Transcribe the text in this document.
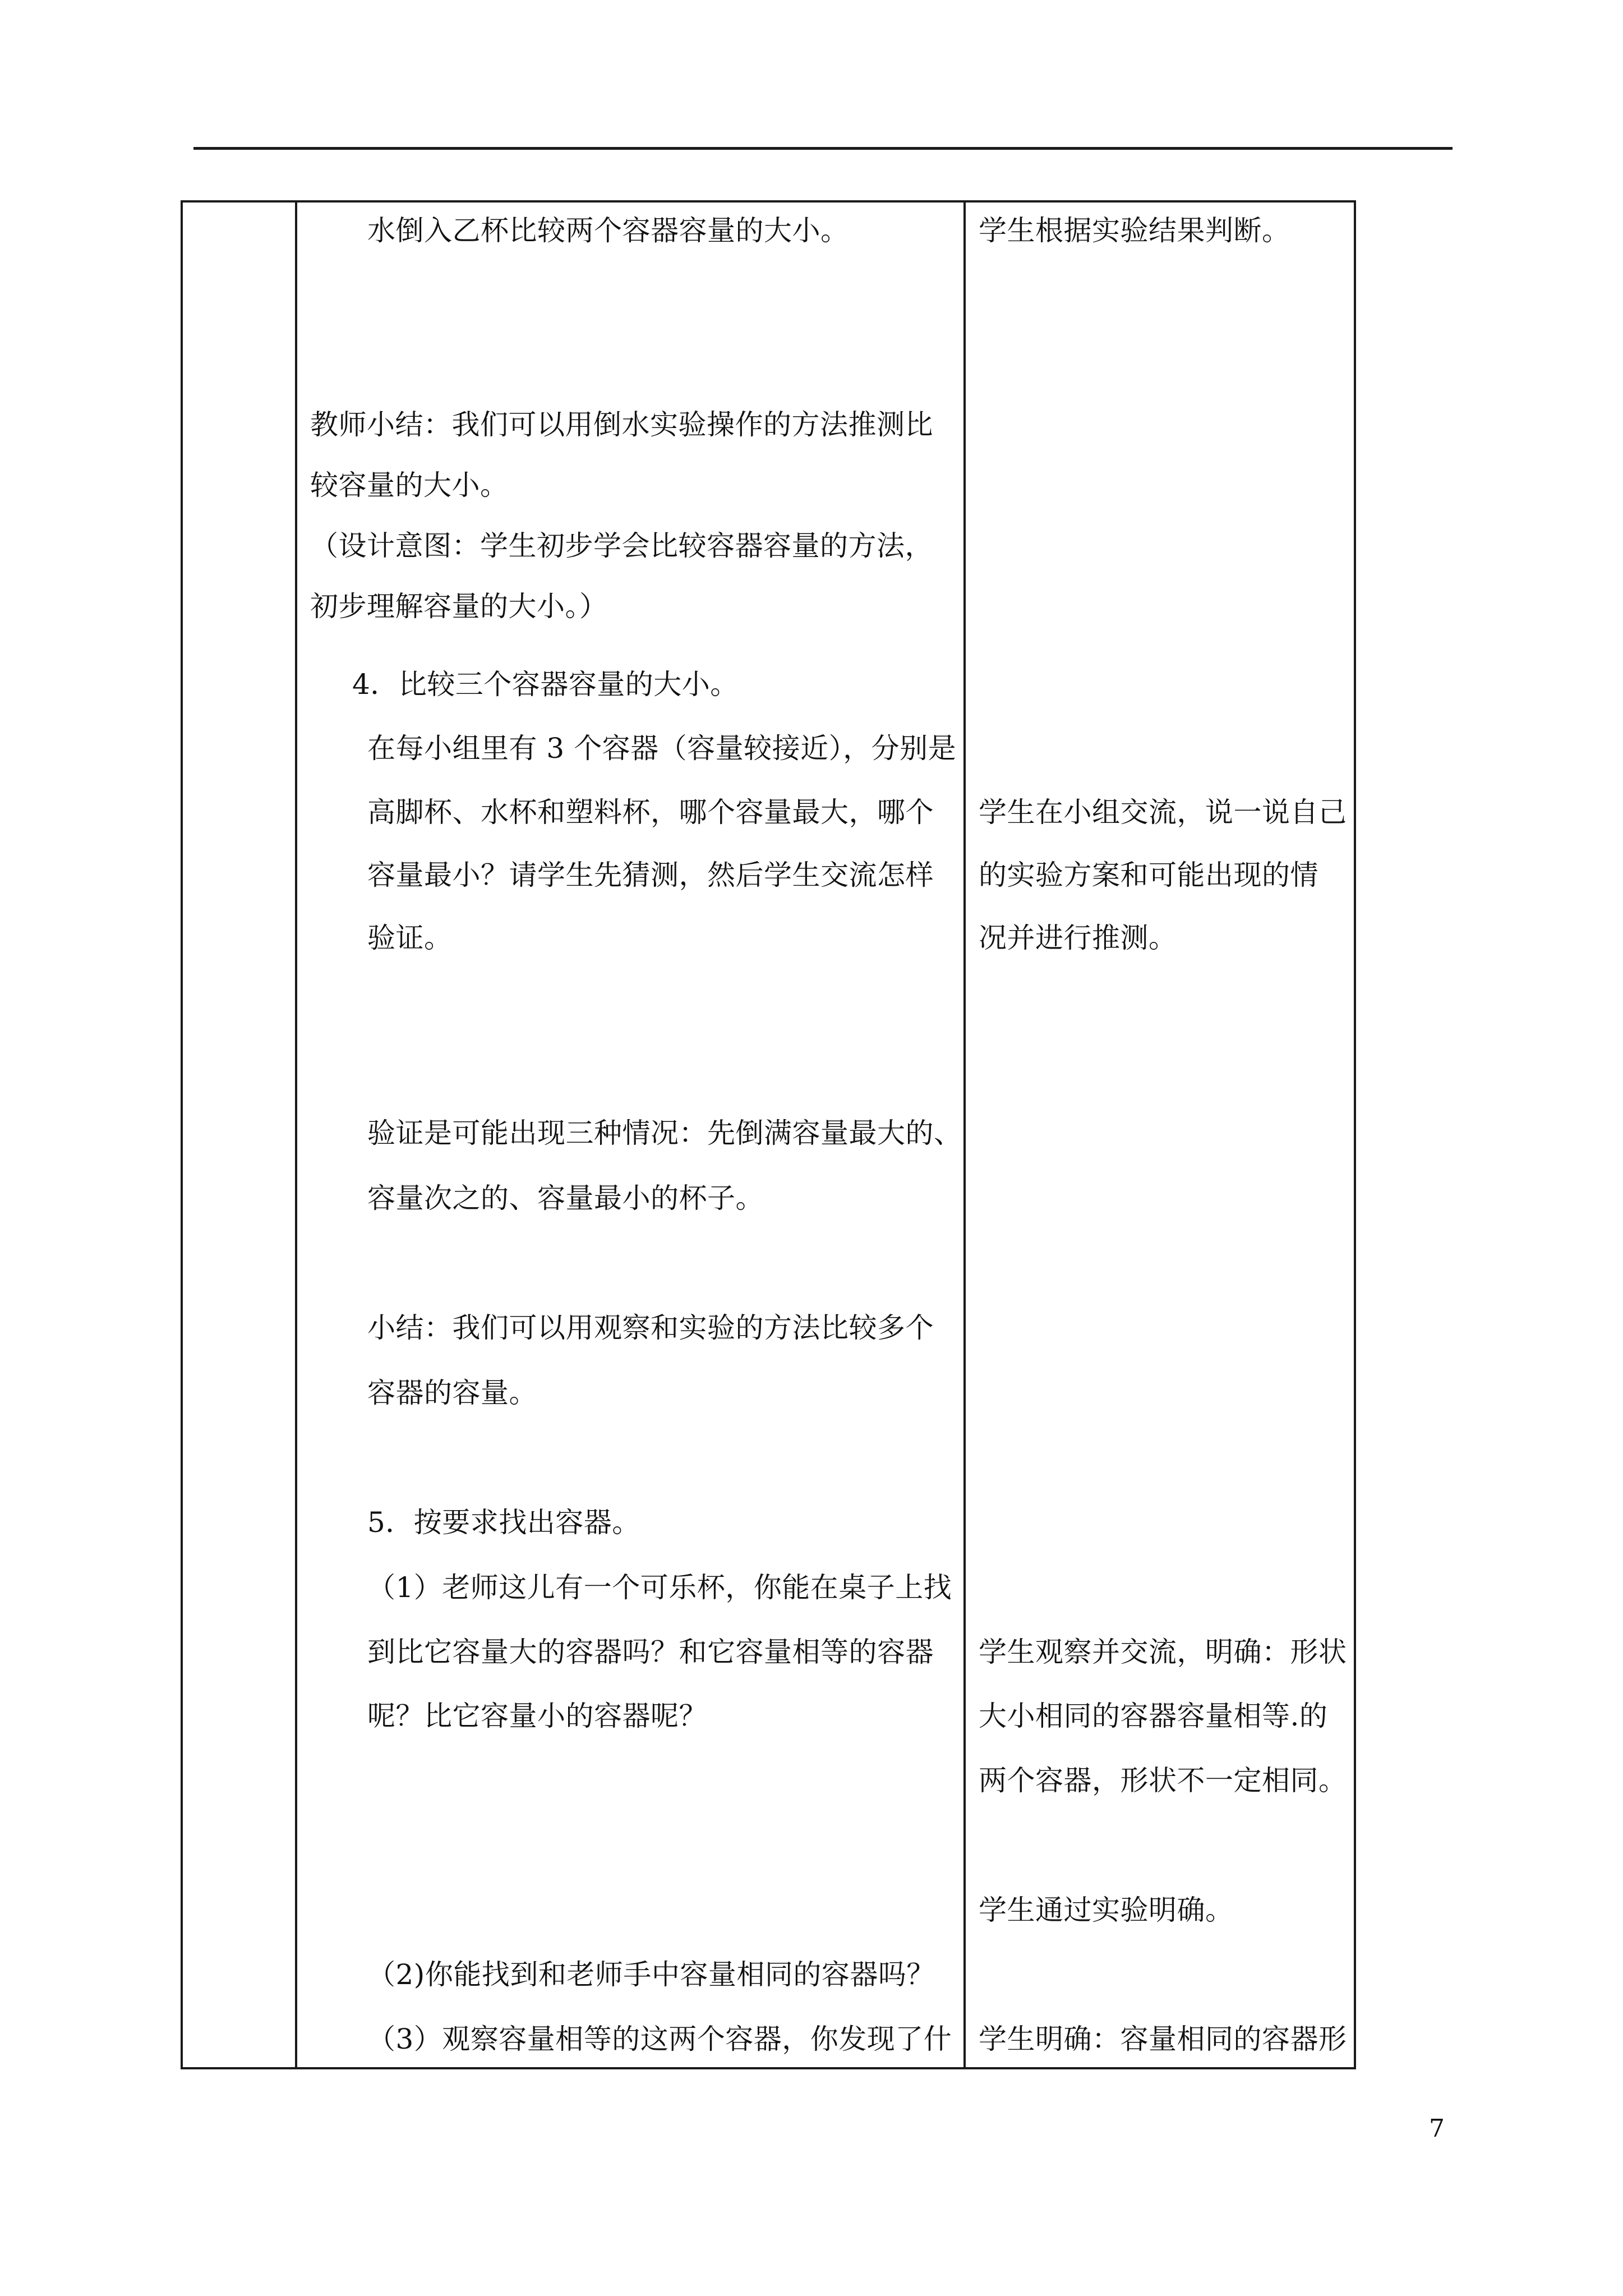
水倒入乙杯比较两个容器容量的大小。
教师小结：我们可以用倒水实验操作的方法推测比
较容量的大小。
（设计意图：学生初步学会比较容器容量的方法，
初步理解容量的大小。）
4．比较三个容器容量的大小。
在每小组里有 3 个容器（容量较接近），分别是
高脚杯、水杯和塑料杯，哪个容量最大，哪个
容量最小？请学生先猜测，然后学生交流怎样
验证。
验证是可能出现三种情况：先倒满容量最大的、
容量次之的、容量最小的杯子。
小结：我们可以用观察和实验的方法比较多个
容器的容量。
5．按要求找出容器。
（1）老师这儿有一个可乐杯，你能在桌子上找
到比它容量大的容器吗？和它容量相等的容器
呢？比它容量小的容器呢？
（2)你能找到和老师手中容量相同的容器吗？
（3）观察容量相等的这两个容器，你发现了什
学生根据实验结果判断。
学生在小组交流，说一说自己
的实验方案和可能出现的情
况并进行推测。
学生观察并交流，明确：形状
大小相同的容器容量相等.的
两个容器，形状不一定相同。
学生通过实验明确。
学生明确：容量相同的容器形
7
